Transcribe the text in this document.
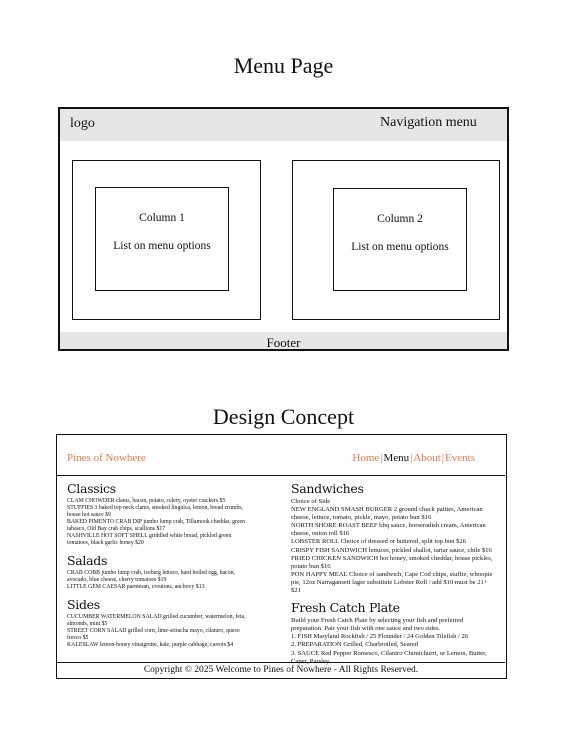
Menu Page
logo	Navigation menu
Column 1
List on menu options
Column 2
List on menu options
Footer
Design Concept
Pines of Nowhere	Home|Menu|About|Events
Classics
CLAM CHOWDER clams, bacon, potato, celery, oyster crackers $5
STUFFIES 3 baked top neck clams, smoked linguica, lemon, bread crumbs, house hot sauce $9
BAKED PIMENTO CRAB DIP jumbo lump crab, Tillamook cheddar, green tabasco, Old Bay crab chips, scallions $17
NASHVILLE HOT SOFT SHELL griddled white bread, pickled green tomatoes, black garlic honey $20
Salads
CRAB COBB jumbo lump crab, iceberg lettuce, hard boiled egg, bacon, avocado, blue cheese, cherry tomatoes $19
LITTLE GEM CAESAR parmesan, croutons, anchovy $13
Sides
CUCUMBER WATERMELON SALAD grilled cucumber, watermelon, feta, almonds, mint $5
STREET CORN SALAD grilled corn, lime-sriracha mayo, cilantro, queso fresco $5
KALESLAW lemon-honey vinaigrette, kale, purple cabbage, carrots $4
Sandwiches
Choice of Side
NEW ENGLAND SMASH BURGER 2 ground chuck patties, American cheese, lettuce, tomato, pickle, mayo, potato bun $16
NORTH SHORE ROAST BEEF bbq sauce, horseradish cream, American cheese, onion roll $16
LOBSTER ROLL Choice of dressed or buttered, split top bun $26
CRISPY FISH SANDWICH lettuces, pickled shallot, tartar sauce, chile $16
FRIED CHICKEN SANDWICH hot honey, smoked cheddar, house pickles, potato bun $16
PON HAPPY MEAL Choice of sandwich, Cape Cod chips, stuffie, whoopie pie, 12oz Narragansett lager substitute Lobster Roll / add $10 must be 21+ $21
Fresh Catch Plate
Build your Fresh Catch Plate by selecting your fish and preferred preparation. Pair your fish with one sauce and two sides.
1. FISH Maryland Rockfish / 25 Flounder / 24 Golden Tilefish / 26
2. PREPARATION Grilled, Charbroiled, Seared
3. SAUCE Red Pepper Romesco, Cilantro Chimichurri, or Lemon, Butter, Caper, Parsley
Copyright © 2025 Welcome to Pines of Nowhere - All Rights Reserved.
